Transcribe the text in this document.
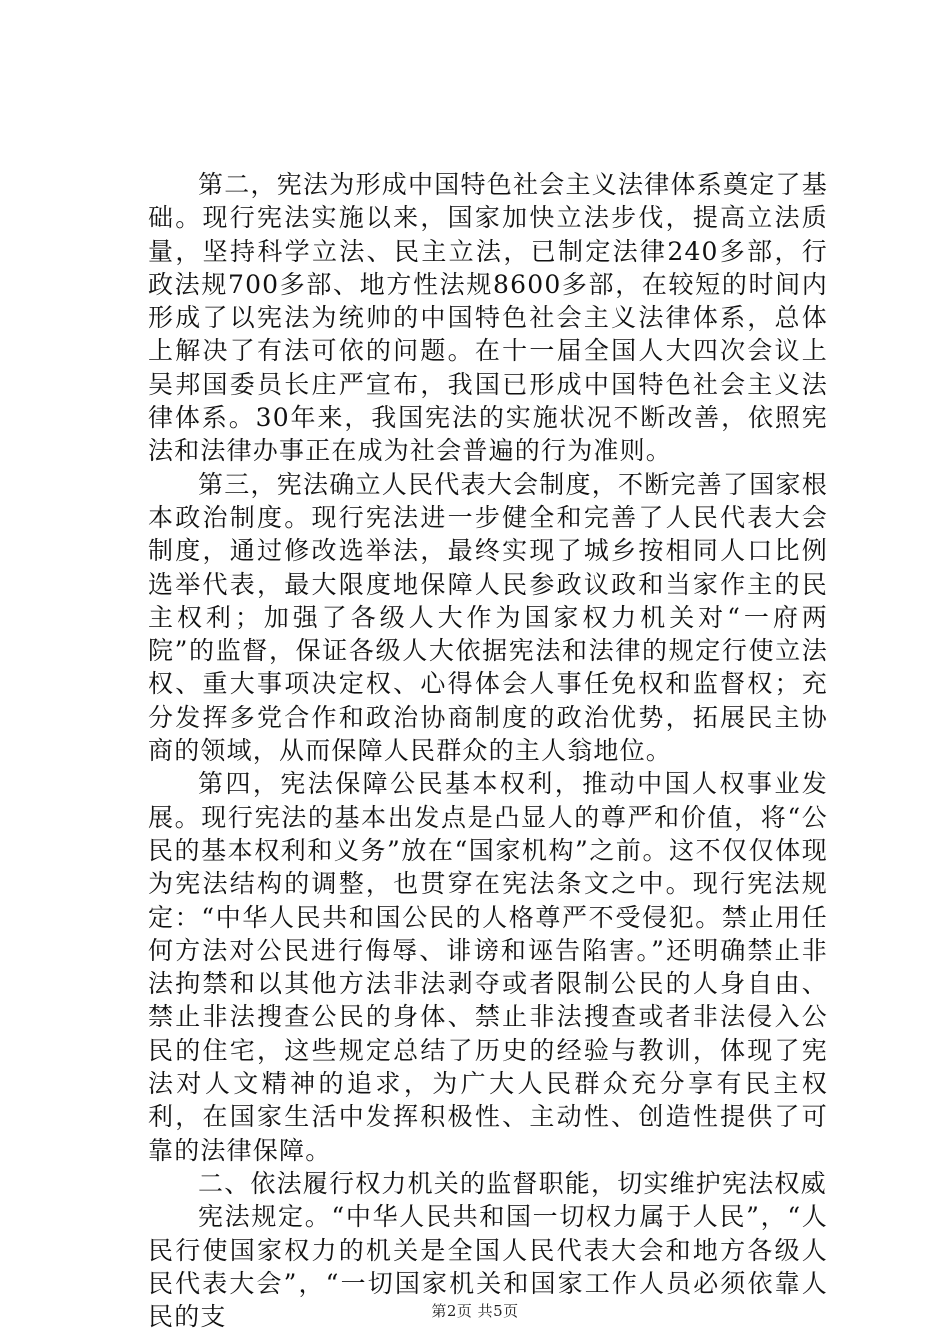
第二，宪法为形成中国特色社会主义法律体系奠定了基础。现行宪法实施以来，国家加快立法步伐，提高立法质量，坚持科学立法、民主立法，已制定法律240多部，行政法规700多部、地方性法规8600多部，在较短的时间内形成了以宪法为统帅的中国特色社会主义法律体系，总体上解决了有法可依的问题。在十一届全国人大四次会议上吴邦国委员长庄严宣布，我国已形成中国特色社会主义法律体系。30年来，我国宪法的实施状况不断改善，依照宪法和法律办事正在成为社会普遍的行为准则。

第三，宪法确立人民代表大会制度，不断完善了国家根本政治制度。现行宪法进一步健全和完善了人民代表大会制度，通过修改选举法，最终实现了城乡按相同人口比例选举代表，最大限度地保障人民参政议政和当家作主的民主权利；加强了各级人大作为国家权力机关对“一府两院”的监督，保证各级人大依据宪法和法律的规定行使立法权、重大事项决定权、心得体会人事任免权和监督权；充分发挥多党合作和政治协商制度的政治优势，拓展民主协商的领域，从而保障人民群众的主人翁地位。

第四，宪法保障公民基本权利，推动中国人权事业发展。现行宪法的基本出发点是凸显人的尊严和价值，将“公民的基本权利和义务”放在“国家机构”之前。这不仅仅体现为宪法结构的调整，也贯穿在宪法条文之中。现行宪法规定：“中华人民共和国公民的人格尊严不受侵犯。禁止用任何方法对公民进行侮辱、诽谤和诬告陷害。”还明确禁止非法拘禁和以其他方法非法剥夺或者限制公民的人身自由、禁止非法搜查公民的身体、禁止非法搜查或者非法侵入公民的住宅，这些规定总结了历史的经验与教训，体现了宪法对人文精神的追求，为广大人民群众充分享有民主权利，在国家生活中发挥积极性、主动性、创造性提供了可靠的法律保障。

二、依法履行权力机关的监督职能，切实维护宪法权威

宪法规定。“中华人民共和国一切权力属于人民”，“人民行使国家权力的机关是全国人民代表大会和地方各级人民代表大会”，“一切国家机关和国家工作人员必须依靠人民的支	第2页 共5页
